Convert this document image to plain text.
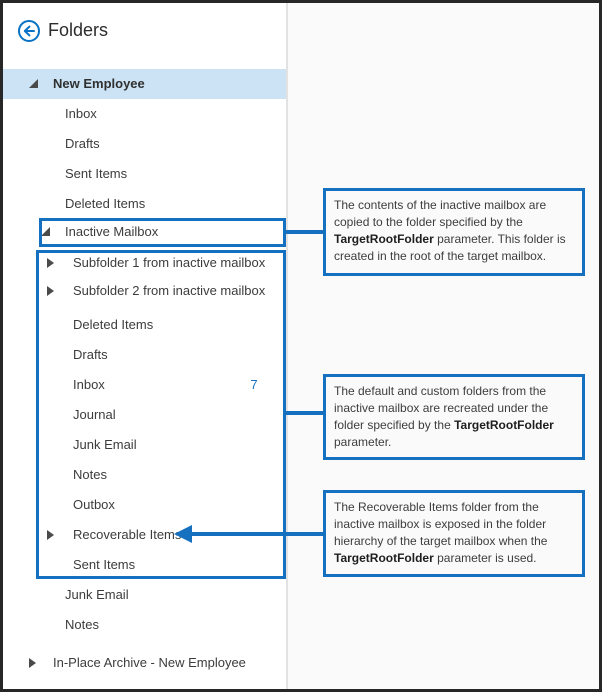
Folders
New Employee
Inbox
Drafts
Sent Items
Deleted Items
Inactive Mailbox
Subfolder 1 from inactive mailbox
Subfolder 2 from inactive mailbox
Deleted Items
Drafts
Inbox	7
Journal
Junk Email
Notes
Outbox
Recoverable Items
Sent Items
Junk Email
Notes
In-Place Archive - New Employee
The contents of the inactive mailbox are copied to the folder specified by the TargetRootFolder parameter. This folder is created in the root of the target mailbox.
The default and custom folders from the inactive mailbox are recreated under the folder specified by the TargetRootFolder parameter.
The Recoverable Items folder from the inactive mailbox is exposed in the folder hierarchy of the target mailbox when the TargetRootFolder parameter is used.
